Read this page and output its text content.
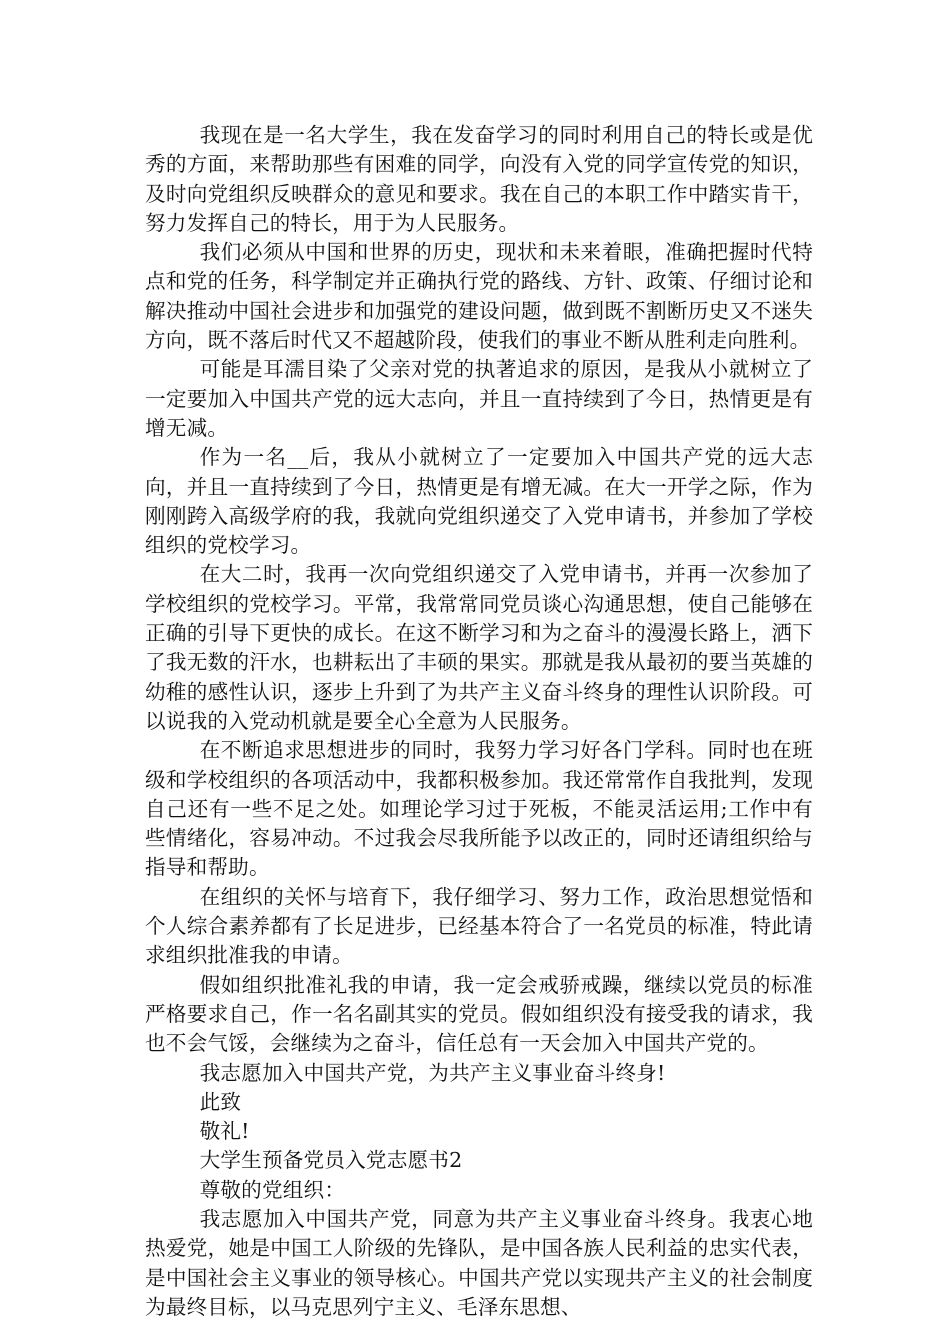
我现在是一名大学生，我在发奋学习的同时利用自己的特长或是优秀的方面，来帮助那些有困难的同学，向没有入党的同学宣传党的知识，及时向党组织反映群众的意见和要求。我在自己的本职工作中踏实肯干，努力发挥自己的特长，用于为人民服务。

我们必须从中国和世界的历史，现状和未来着眼，准确把握时代特点和党的任务，科学制定并正确执行党的路线、方针、政策、仔细讨论和解决推动中国社会进步和加强党的建设问题，做到既不割断历史又不迷失方向，既不落后时代又不超越阶段，使我们的事业不断从胜利走向胜利。

可能是耳濡目染了父亲对党的执著追求的原因，是我从小就树立了一定要加入中国共产党的远大志向，并且一直持续到了今日，热情更是有增无减。

作为一名__后，我从小就树立了一定要加入中国共产党的远大志向，并且一直持续到了今日，热情更是有增无减。在大一开学之际，作为刚刚跨入高级学府的我，我就向党组织递交了入党申请书，并参加了学校组织的党校学习。

在大二时，我再一次向党组织递交了入党申请书，并再一次参加了学校组织的党校学习。平常，我常常同党员谈心沟通思想，使自己能够在正确的引导下更快的成长。在这不断学习和为之奋斗的漫漫长路上，洒下了我无数的汗水，也耕耘出了丰硕的果实。那就是我从最初的要当英雄的幼稚的感性认识，逐步上升到了为共产主义奋斗终身的理性认识阶段。可以说我的入党动机就是要全心全意为人民服务。

在不断追求思想进步的同时，我努力学习好各门学科。同时也在班级和学校组织的各项活动中，我都积极参加。我还常常作自我批判，发现自己还有一些不足之处。如理论学习过于死板，不能灵活运用;工作中有些情绪化，容易冲动。不过我会尽我所能予以改正的，同时还请组织给与指导和帮助。

在组织的关怀与培育下，我仔细学习、努力工作，政治思想觉悟和个人综合素养都有了长足进步，已经基本符合了一名党员的标准，特此请求组织批准我的申请。

假如组织批准礼我的申请，我一定会戒骄戒躁，继续以党员的标准严格要求自己，作一名名副其实的党员。假如组织没有接受我的请求，我也不会气馁，会继续为之奋斗，信任总有一天会加入中国共产党的。

我志愿加入中国共产党，为共产主义事业奋斗终身!

此致

敬礼!

大学生预备党员入党志愿书2

尊敬的党组织：

我志愿加入中国共产党，同意为共产主义事业奋斗终身。我衷心地热爱党，她是中国工人阶级的先锋队，是中国各族人民利益的忠实代表，是中国社会主义事业的领导核心。中国共产党以实现共产主义的社会制度为最终目标，以马克思列宁主义、毛泽东思想、
